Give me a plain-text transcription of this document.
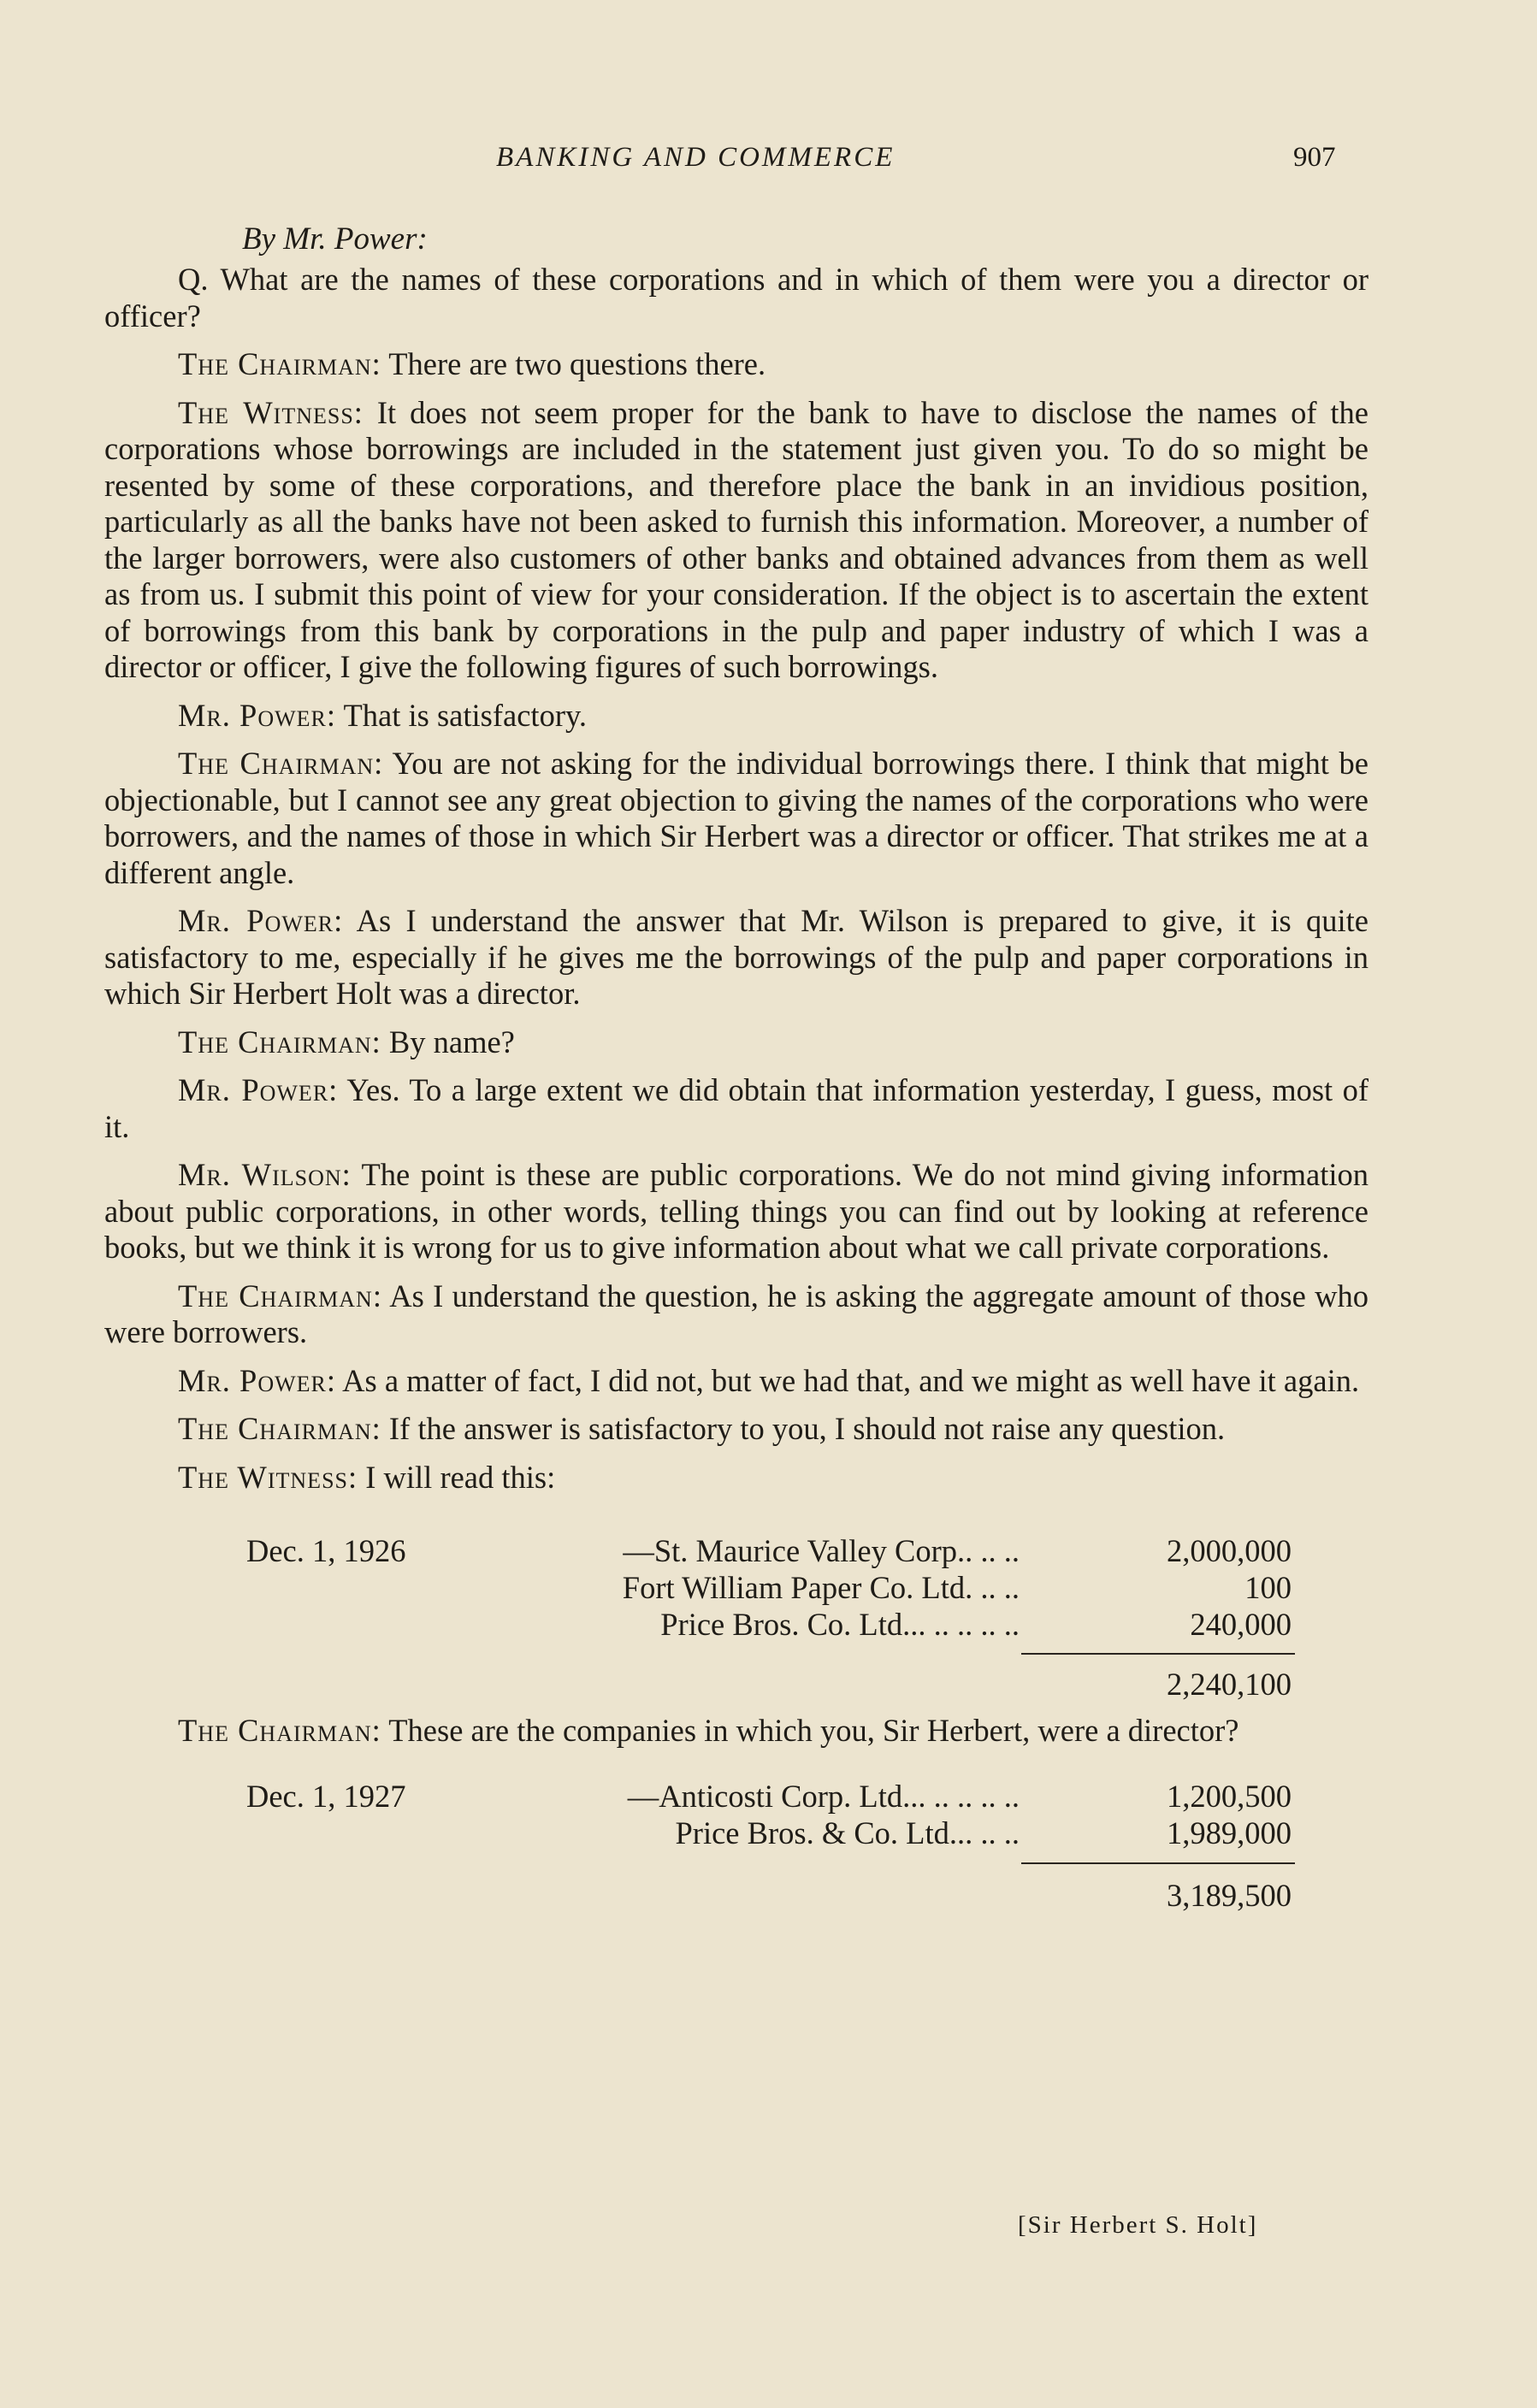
BANKING AND COMMERCE	907
By Mr. Power:

Q. What are the names of these corporations and in which of them were you a director or officer?

The Chairman: There are two questions there.

The Witness: It does not seem proper for the bank to have to disclose the names of the corporations whose borrowings are included in the statement just given you. To do so might be resented by some of these corporations, and therefore place the bank in an invidious position, particularly as all the banks have not been asked to furnish this information. Moreover, a number of the larger borrowers, were also customers of other banks and obtained advances from them as well as from us. I submit this point of view for your consideration. If the object is to ascertain the extent of borrowings from this bank by corporations in the pulp and paper industry of which I was a director or officer, I give the following figures of such borrowings.

Mr. Power: That is satisfactory.

The Chairman: You are not asking for the individual borrowings there. I think that might be objectionable, but I cannot see any great objection to giving the names of the corporations who were borrowers, and the names of those in which Sir Herbert was a director or officer. That strikes me at a different angle.

Mr. Power: As I understand the answer that Mr. Wilson is prepared to give, it is quite satisfactory to me, especially if he gives me the borrowings of the pulp and paper corporations in which Sir Herbert Holt was a director.

The Chairman: By name?

Mr. Power: Yes. To a large extent we did obtain that information yesterday, I guess, most of it.

Mr. Wilson: The point is these are public corporations. We do not mind giving information about public corporations, in other words, telling things you can find out by looking at reference books, but we think it is wrong for us to give information about what we call private corporations.

The Chairman: As I understand the question, he is asking the aggregate amount of those who were borrowers.

Mr. Power: As a matter of fact, I did not, but we had that, and we might as well have it again.

The Chairman: If the answer is satisfactory to you, I should not raise any question.

The Witness: I will read this:

Dec. 1, 1926	—St. Maurice Valley Corp.. .. ..	2,000,000
Fort William Paper Co. Ltd. .. ..	100
Price Bros. Co. Ltd... .. .. .. ..	240,000
2,240,100

The Chairman: These are the companies in which you, Sir Herbert, were a director?

Dec. 1, 1927	—Anticosti Corp. Ltd... .. .. .. ..	1,200,500
Price Bros. & Co. Ltd... .. ..	1,989,000
3,189,500
[Sir Herbert S. Holt]
